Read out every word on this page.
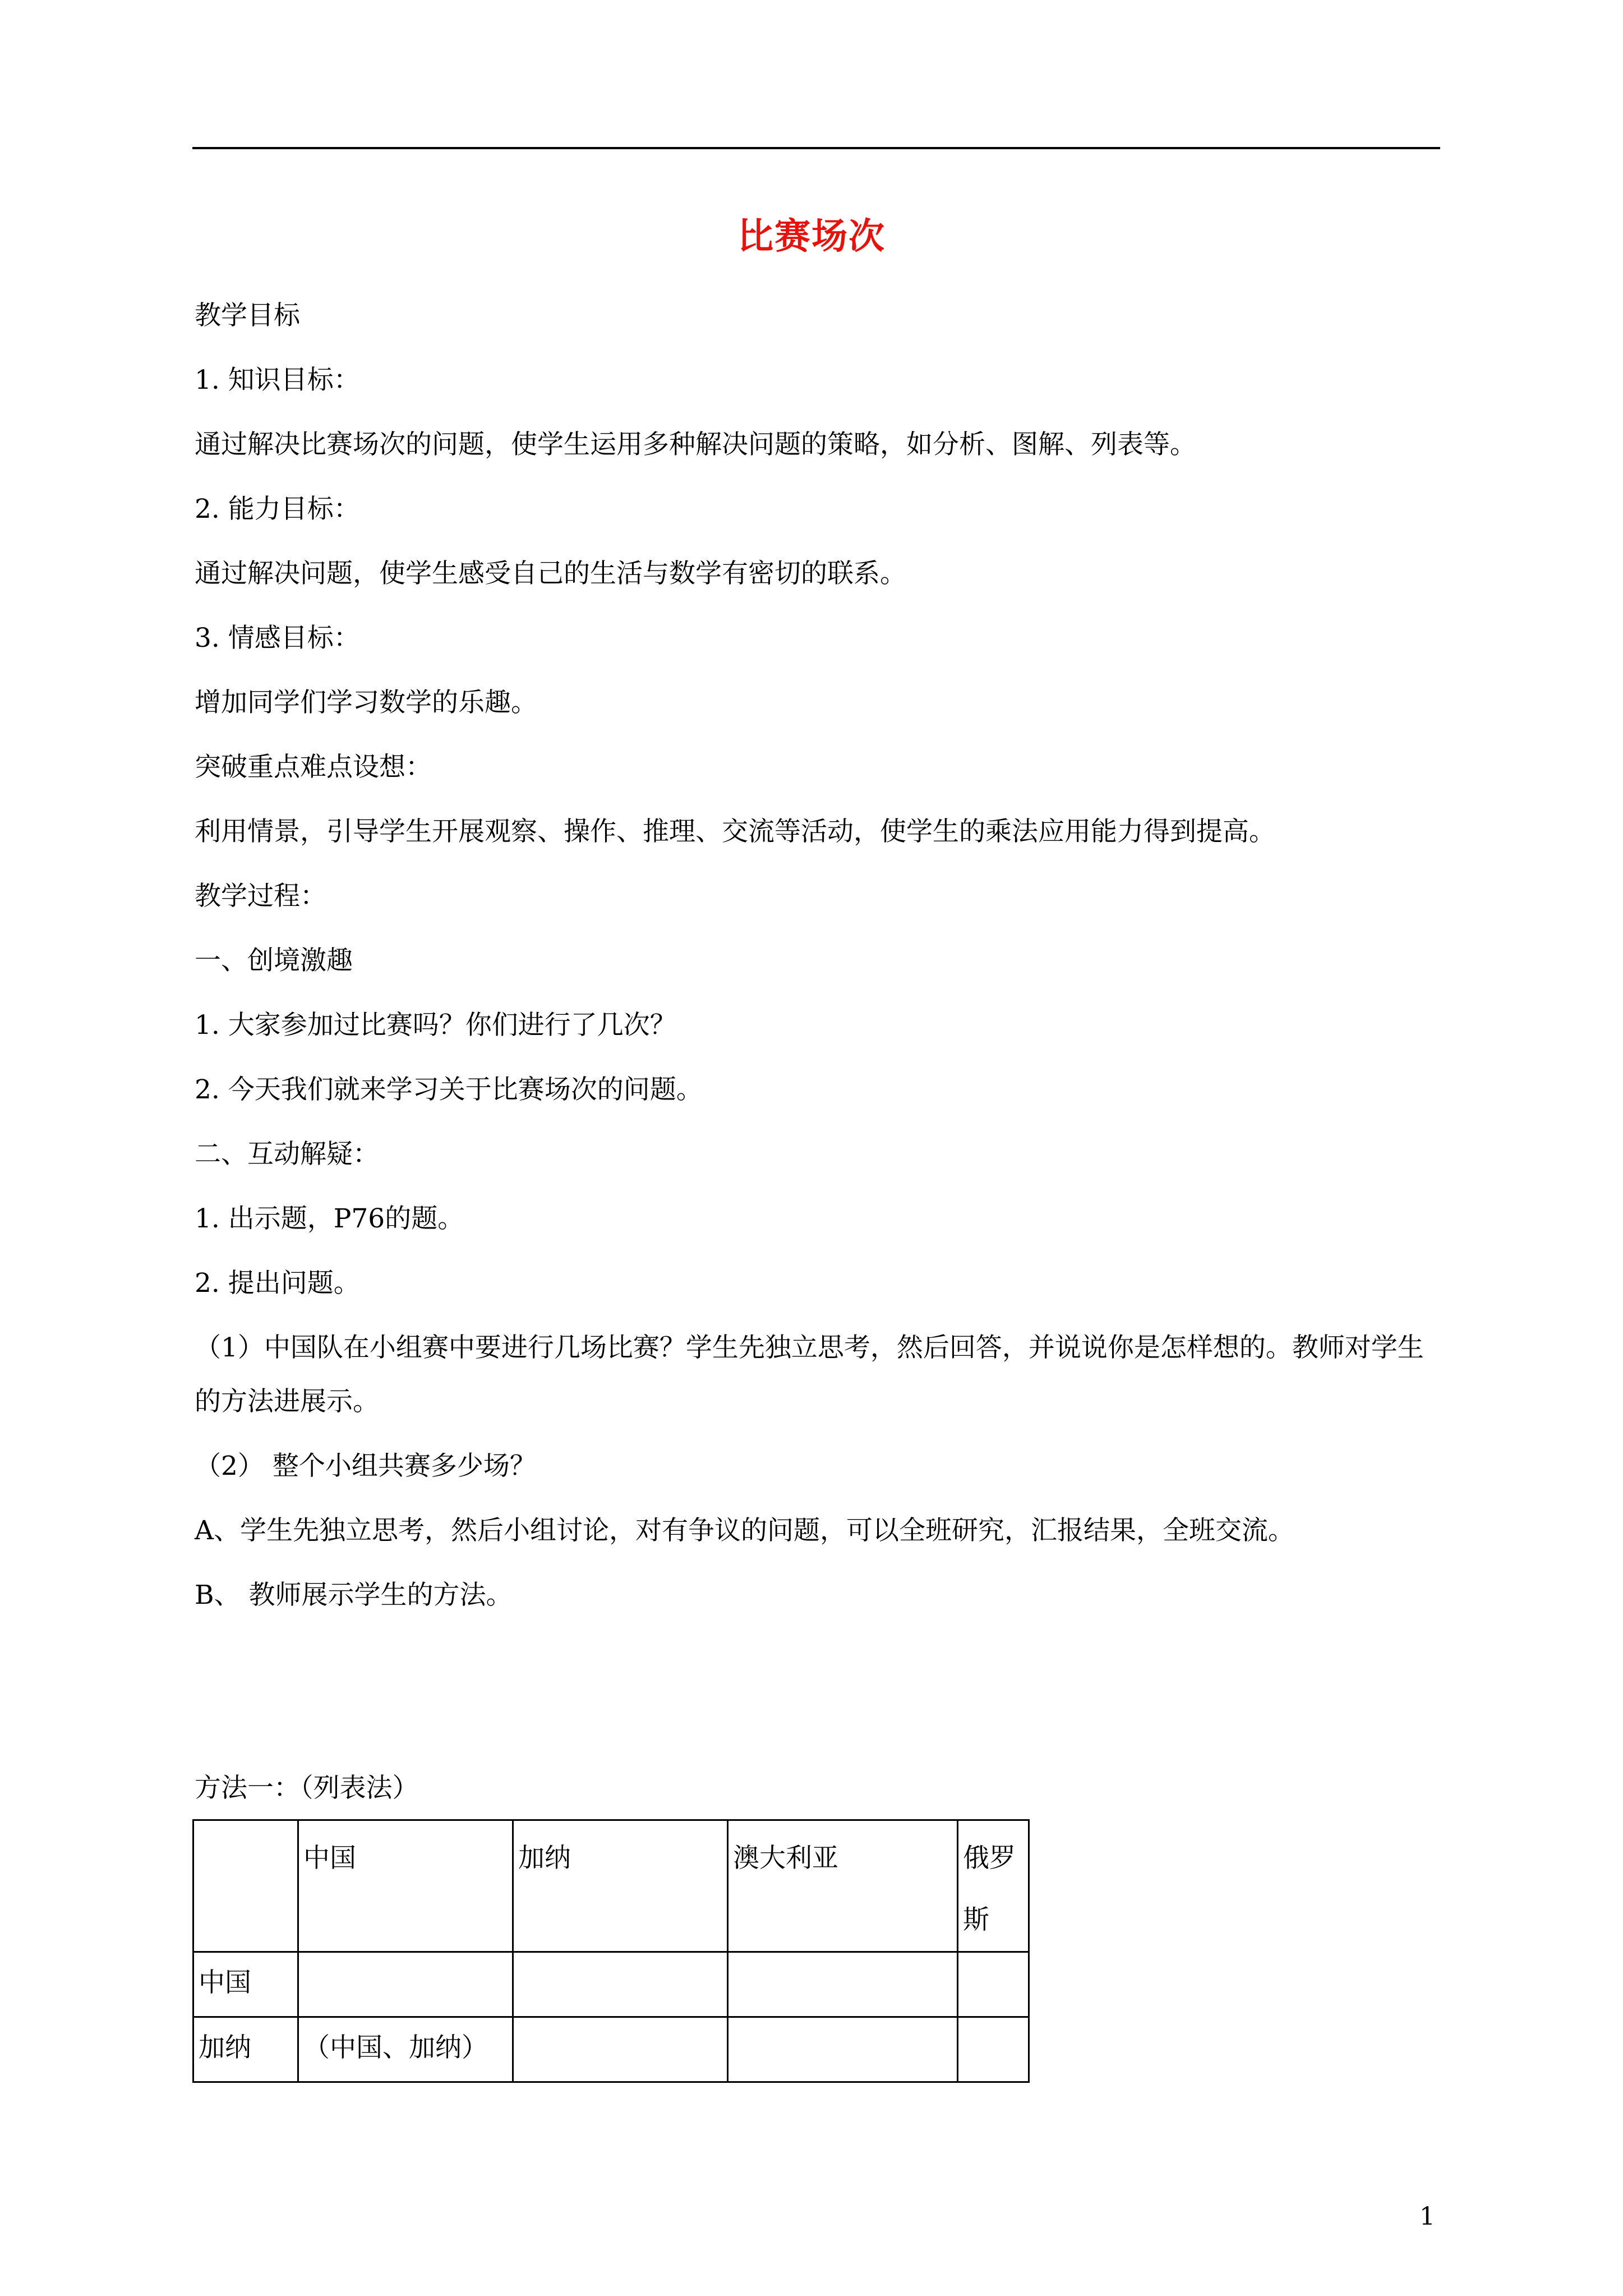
比赛场次
教学目标
1. 知识目标：
通过解决比赛场次的问题，使学生运用多种解决问题的策略，如分析、图解、列表等。
2. 能力目标：
通过解决问题，使学生感受自己的生活与数学有密切的联系。
3. 情感目标：
增加同学们学习数学的乐趣。
突破重点难点设想：
利用情景，引导学生开展观察、操作、推理、交流等活动，使学生的乘法应用能力得到提高。
教学过程：
一、创境激趣
1. 大家参加过比赛吗？你们进行了几次？
2. 今天我们就来学习关于比赛场次的问题。
二、互动解疑：
1. 出示题，P76的题。
2. 提出问题。
（1）中国队在小组赛中要进行几场比赛？学生先独立思考，然后回答，并说说你是怎样想的。教师对学生的方法进展示。
（2） 整个小组共赛多少场？
A、学生先独立思考，然后小组讨论，对有争议的问题，可以全班研究，汇报结果，全班交流。
B、 教师展示学生的方法。
方法一：（列表法）
	中国	加纳	澳大利亚	俄罗斯
中国				
加纳	（中国、加纳）			
1
